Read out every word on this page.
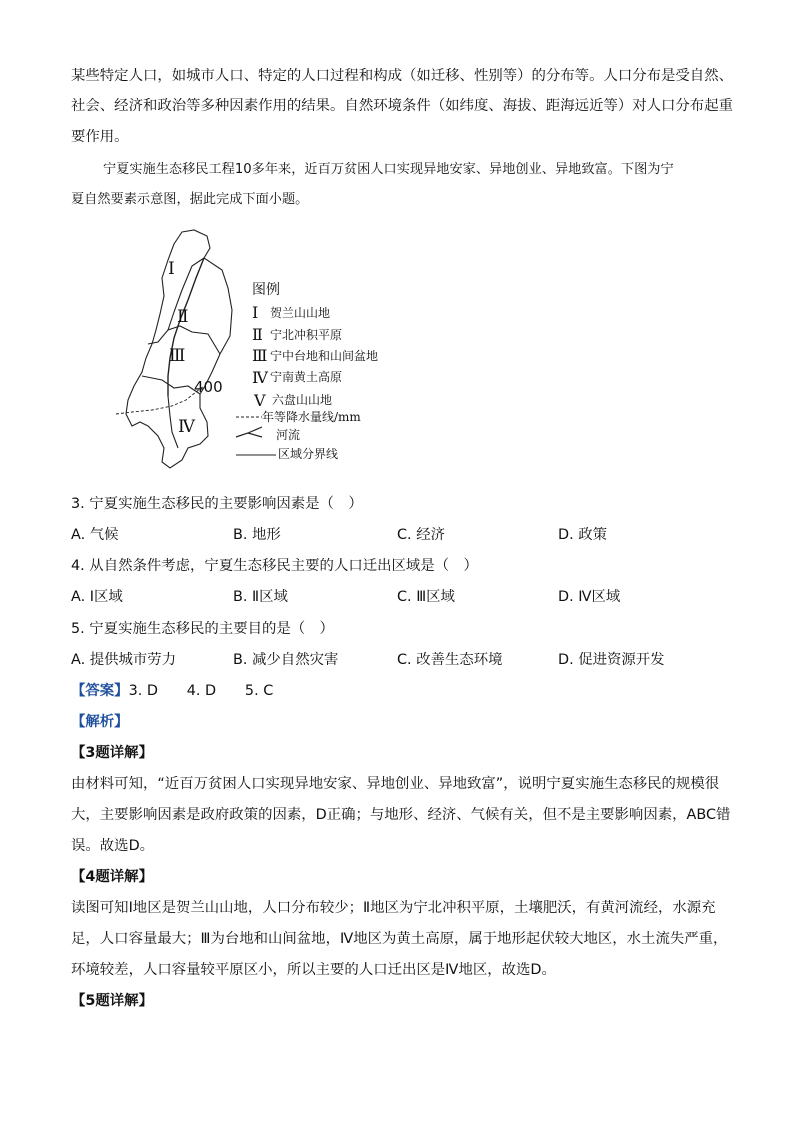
某些特定人口，如城市人口、特定的人口过程和构成（如迁移、性别等）的分布等。人口分布是受自然、
社会、经济和政治等多种因素作用的结果。自然环境条件（如纬度、海拔、距海远近等）对人口分布起重
要作用。
宁夏实施生态移民工程10多年来，近百万贫困人口实现异地安家、异地创业、异地致富。下图为宁
夏自然要素示意图，据此完成下面小题。
Ⅰ
Ⅱ
Ⅲ
Ⅳ
400
图例
Ⅰ 贺兰山山地
Ⅱ 宁北冲积平原
Ⅲ 宁中台地和山间盆地
Ⅳ 宁南黄土高原
Ⅴ 六盘山山地
年等降水量线/mm
河流
区域分界线
3. 宁夏实施生态移民的主要影响因素是（　）
A. 气候	B. 地形	C. 经济	D. 政策
4. 从自然条件考虑，宁夏生态移民主要的人口迁出区域是（　）
A. Ⅰ区域	B. Ⅱ区域	C. Ⅲ区域	D. Ⅳ区域
5. 宁夏实施生态移民的主要目的是（　）
A. 提供城市劳力	B. 减少自然灾害	C. 改善生态环境	D. 促进资源开发
【答案】3. D　　4. D　　5. C
【解析】
【3题详解】
由材料可知，“近百万贫困人口实现异地安家、异地创业、异地致富”，说明宁夏实施生态移民的规模很
大，主要影响因素是政府政策的因素，D正确；与地形、经济、气候有关，但不是主要影响因素，ABC错
误。故选D。
【4题详解】
读图可知Ⅰ地区是贺兰山山地，人口分布较少；Ⅱ地区为宁北冲积平原，土壤肥沃，有黄河流经，水源充
足，人口容量最大；Ⅲ为台地和山间盆地，Ⅳ地区为黄土高原，属于地形起伏较大地区，水土流失严重，
环境较差，人口容量较平原区小，所以主要的人口迁出区是Ⅳ地区，故选D。
【5题详解】
